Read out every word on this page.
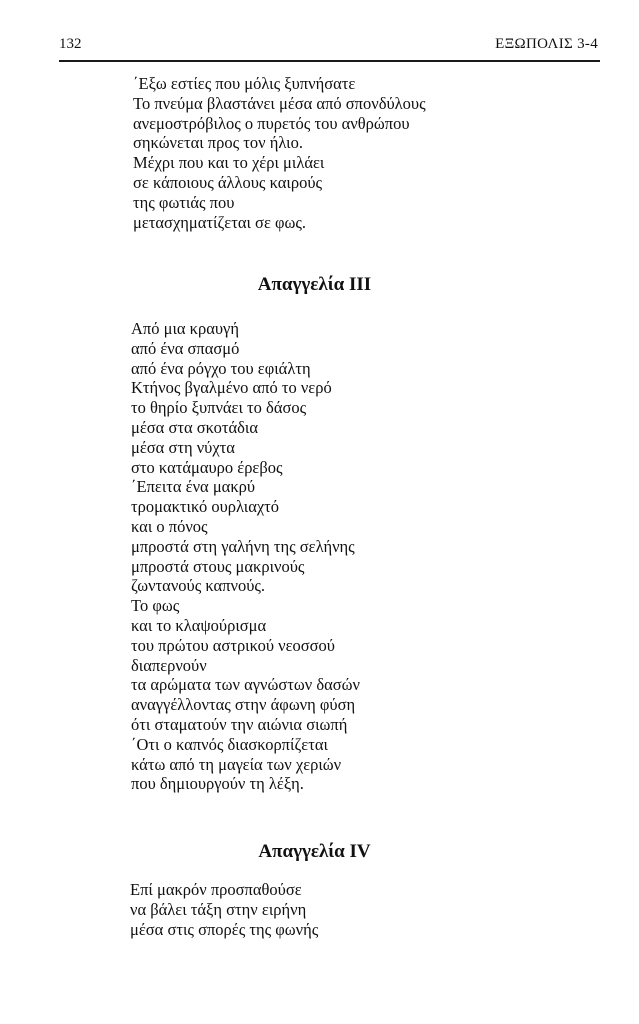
132	ΕΞΩΠΟΛΙΣ 3-4
΄Εξω εστίες που μόλις ξυπνήσατε
Το πνεύμα βλαστάνει μέσα από σπονδύλους
ανεμοστρόβιλος ο πυρετός του ανθρώπου
σηκώνεται προς τον ήλιο.
Μέχρι που και το χέρι μιλάει
σε κάποιους άλλους καιρούς
της φωτιάς που
μετασχηματίζεται σε φως.
Απαγγελία ΙΙΙ
Από μια κραυγή
από ένα σπασμό
από ένα ρόγχο του εφιάλτη
Κτήνος βγαλμένο από το νερό
το θηρίο ξυπνάει το δάσος
μέσα στα σκοτάδια
μέσα στη νύχτα
στο κατάμαυρο έρεβος
΄Επειτα ένα μακρύ
τρομακτικό ουρλιαχτό
και ο πόνος
μπροστά στη γαλήνη της σελήνης
μπροστά στους μακρινούς
ζωντανούς καπνούς.
Το φως
και το κλαψούρισμα
του πρώτου αστρικού νεοσσού
διαπερνούν
τα αρώματα των αγνώστων δασών
αναγγέλλοντας στην άφωνη φύση
ότι σταματούν την αιώνια σιωπή
΄Οτι ο καπνός διασκορπίζεται
κάτω από τη μαγεία των χεριών
που δημιουργούν τη λέξη.
Απαγγελία IV
Επί μακρόν προσπαθούσε
να βάλει τάξη στην ειρήνη
μέσα στις σπορές της φωνής
